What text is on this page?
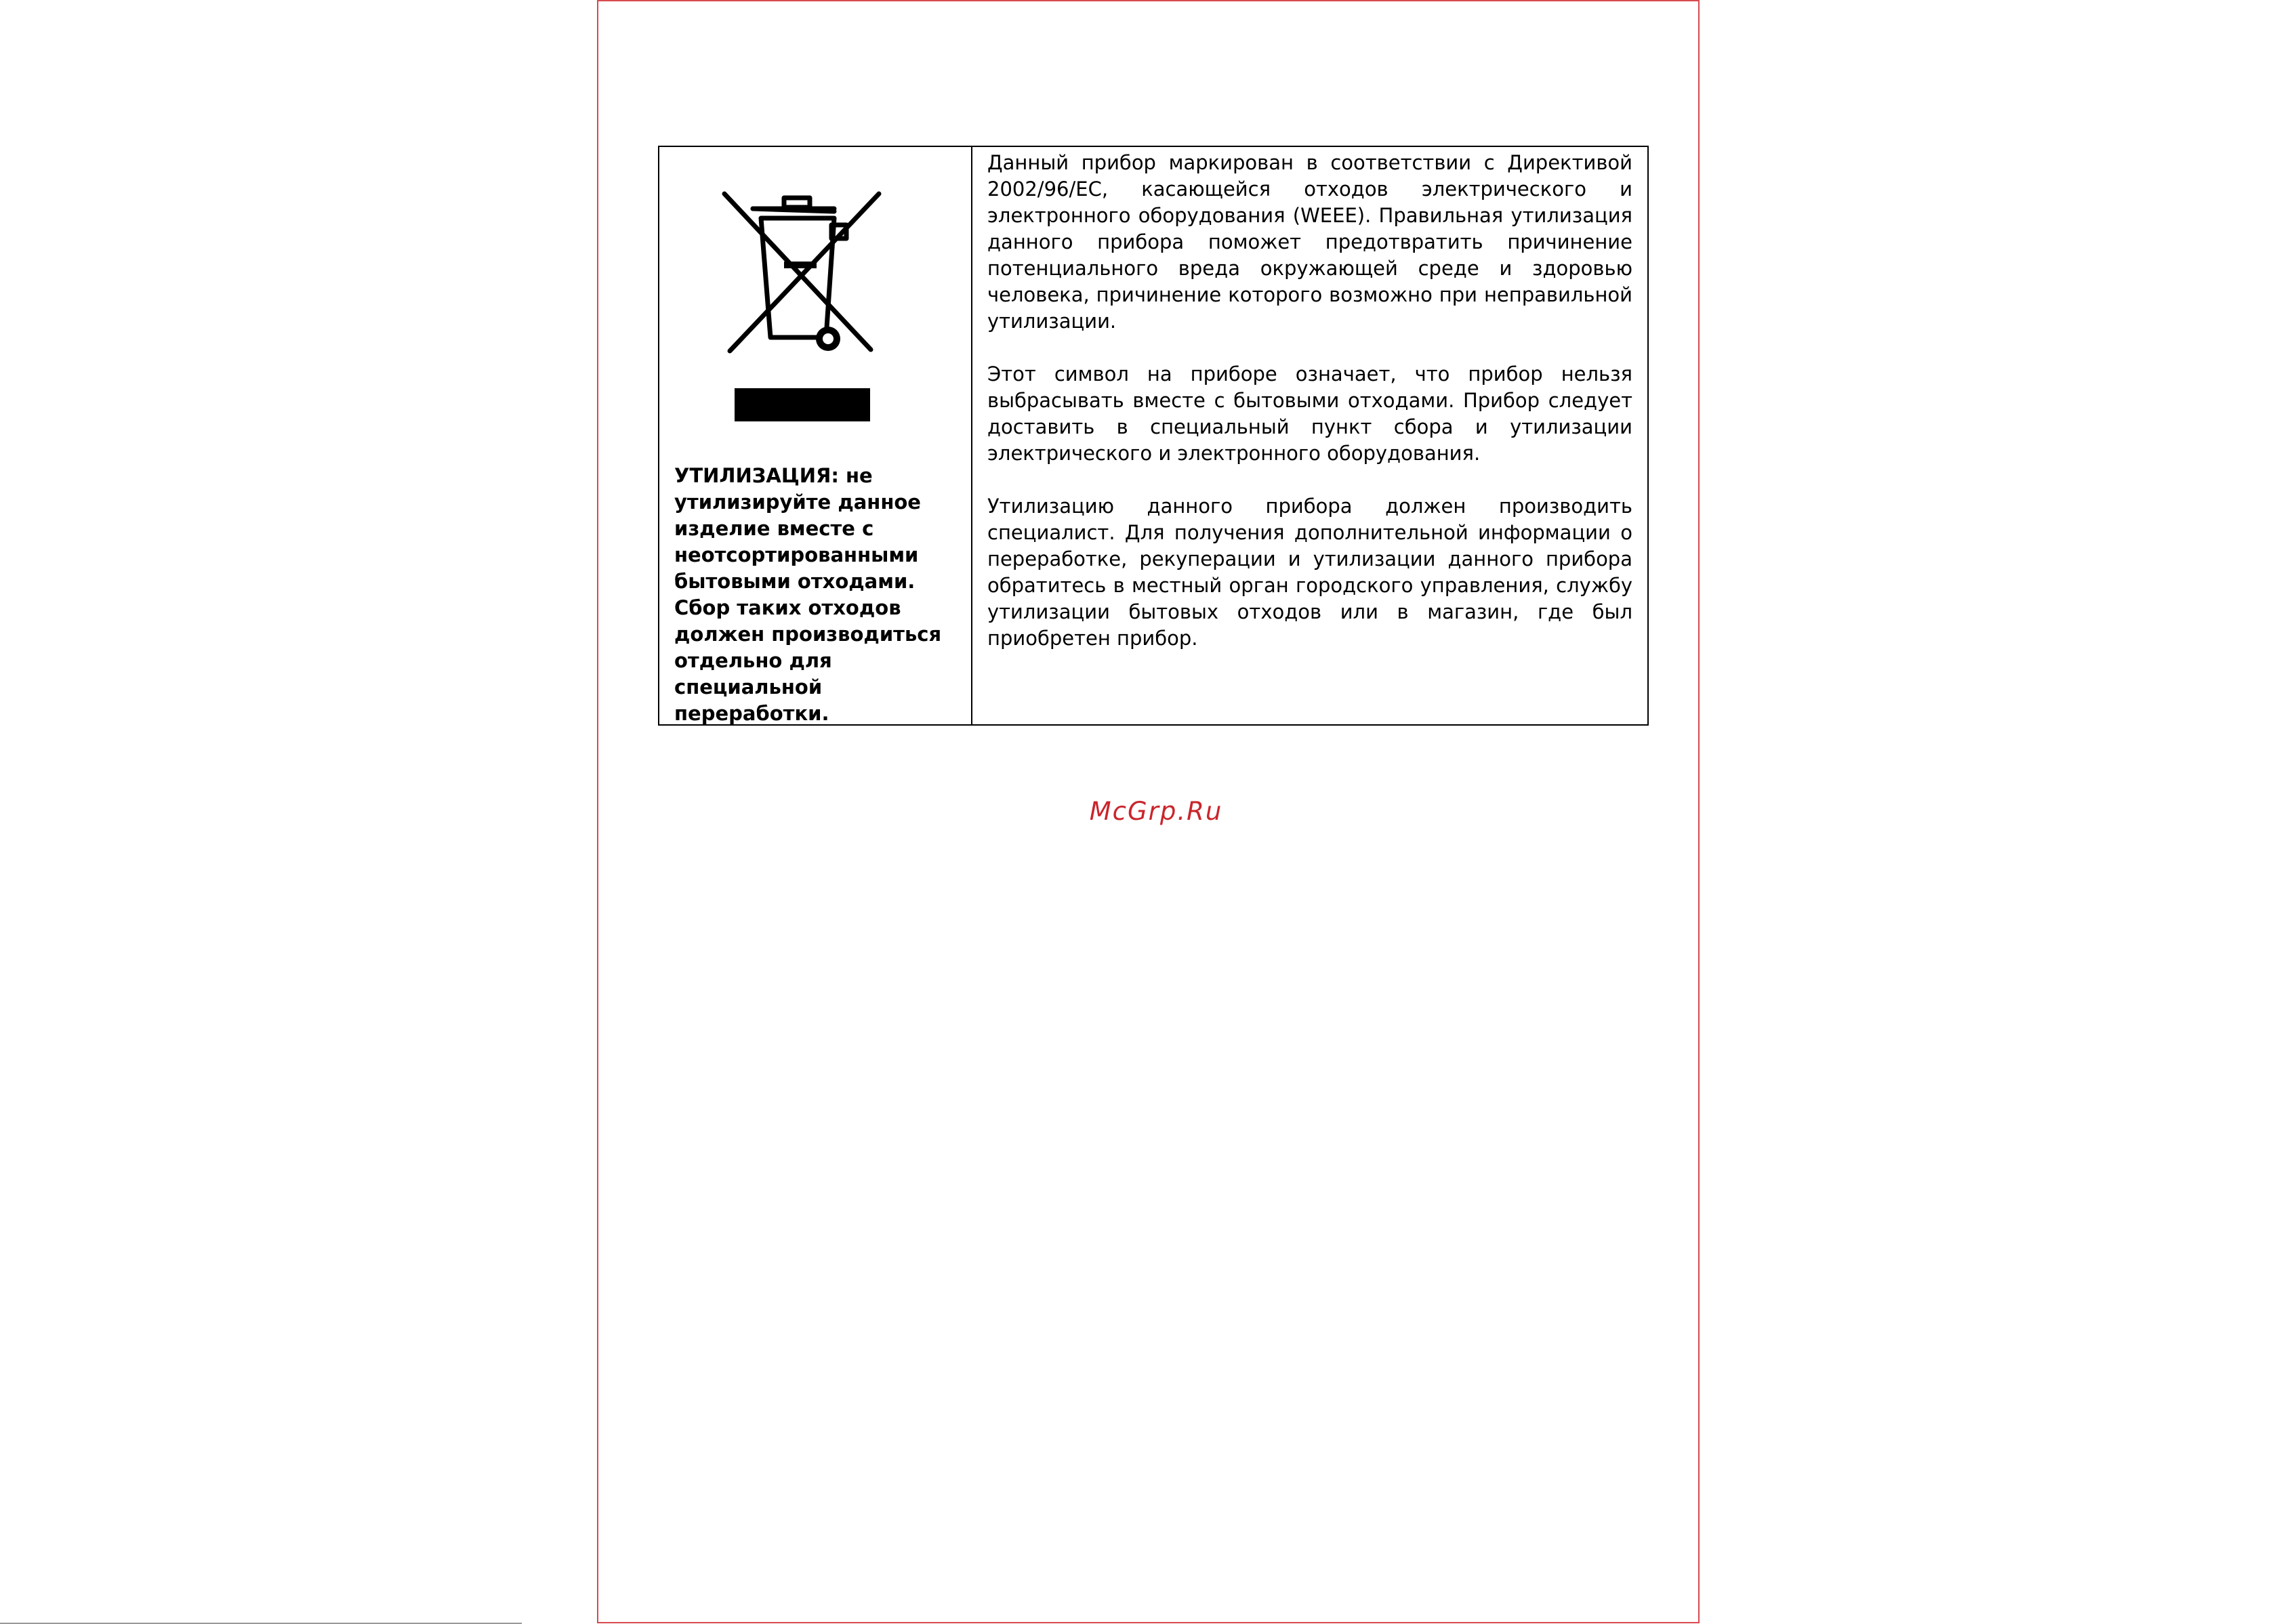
УТИЛИЗАЦИЯ: не утилизируйте данное изделие вместе с неотсортированными бытовыми отходами. Сбор таких отходов должен производиться отдельно для специальной переработки.

Данный прибор маркирован в соответствии с Директивой 2002/96/EC, касающейся отходов электрического и электронного оборудования (WEEE). Правильная утилизация данного прибора поможет предотвратить причинение потенциального вреда окружающей среде и здоровью человека, причинение которого возможно при неправильной утилизации.

Этот символ на приборе означает, что прибор нельзя выбрасывать вместе с бытовыми отходами. Прибор следует доставить в специальный пункт сбора и утилизации электрического и электронного оборудования.

Утилизацию данного прибора должен производить специалист. Для получения дополнительной информации о переработке, рекуперации и утилизации данного прибора обратитесь в местный орган городского управления, службу утилизации бытовых отходов или в магазин, где был приобретен прибор.

McGrp.Ru
